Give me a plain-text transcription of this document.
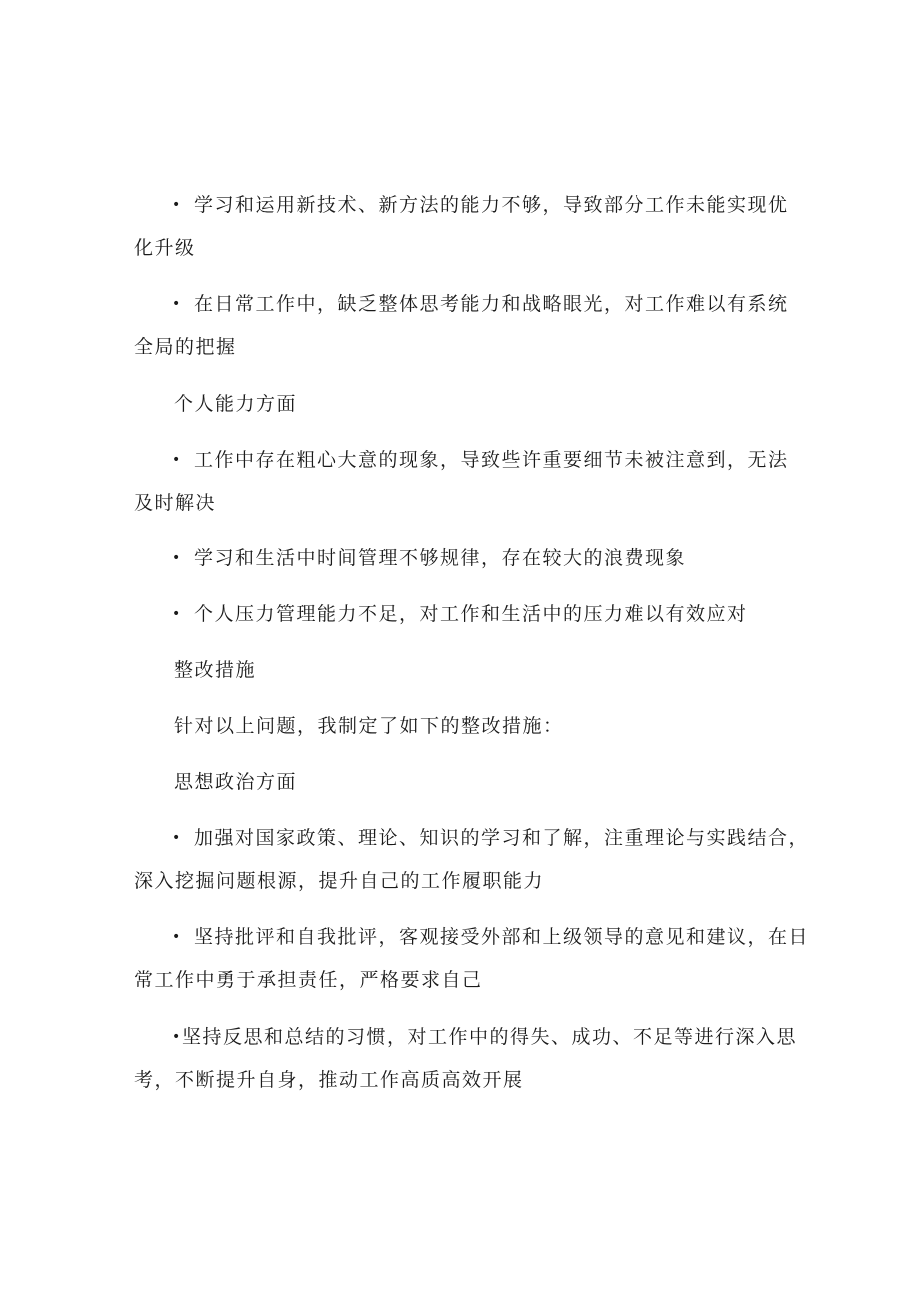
• 学习和运用新技术、新方法的能力不够，导致部分工作未能实现优
化升级
• 在日常工作中，缺乏整体思考能力和战略眼光，对工作难以有系统
全局的把握
个人能力方面
• 工作中存在粗心大意的现象，导致些许重要细节未被注意到，无法
及时解决
• 学习和生活中时间管理不够规律，存在较大的浪费现象
• 个人压力管理能力不足，对工作和生活中的压力难以有效应对
整改措施
针对以上问题，我制定了如下的整改措施：
思想政治方面
• 加强对国家政策、理论、知识的学习和了解，注重理论与实践结合，
深入挖掘问题根源，提升自己的工作履职能力
• 坚持批评和自我批评，客观接受外部和上级领导的意见和建议，在日
常工作中勇于承担责任，严格要求自己
•坚持反思和总结的习惯，对工作中的得失、成功、不足等进行深入思
考，不断提升自身，推动工作高质高效开展
